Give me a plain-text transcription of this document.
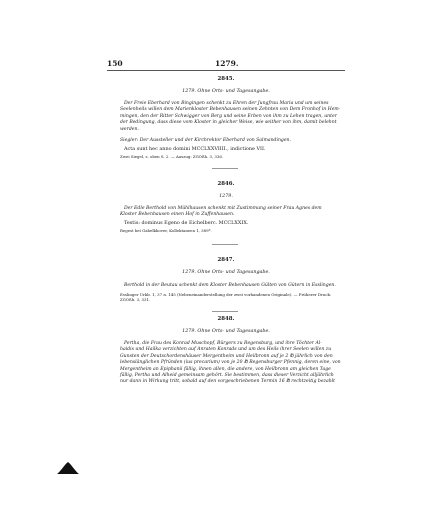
150	1279.
2845.
1279. Ohne Orts- und Tagesangabe.
Der Freie Eberhard von Bingingen schenkt zu Ehren der Jungfrau Maria und um seines
Seelenheils willen dem Marienkloster Bebenhausen seinen Zehnten von Dem Fronhof in Hem-
mingen, den der Ritter Schwigger von Berg und seine Erben von ihm zu Lehen tragen, unter
der Bedingung, dass diese vom Kloster in gleicher Weise, wie seither von ihm, damit belehnt
werden.
Siegler: Der Aussteller und der Kirchrektor Eberhard von Salmandingen.
Acta sunt hec anno domini MCCLXXVIIII., indictione VII.
Zwei Siegel, s. oben S. 2. — Auszug: ZGOßh. 3, 336.
2846.
1279.
Der Edle Berthold von Mühlhausen schenkt mit Zustimmung seiner Frau Agnes dem
Kloster Bebenhausen einen Hof in Zuffenhausen.
Testis: dominus Egeno de Eichelberc. MCCLXXIX.
Regest bei Gabelkhover, Kollektaneen 1, 389*.
2847.
1279. Ohne Orts- und Tagesangabe.
Berthold in der Beutau schenkt dem Kloster Bebenhausen Gülten von Gütern in Esslingen.
Esslinger Urkb. 1, 37 n. 145 (Nebeneinanderstellung der zwei vorhandenen Originale). — Früherer Druck:
ZGOßh. 3, 331.
2848.
1279. Ohne Orts- und Tagesangabe.
Pertha, die Frau des Konrad Muschopf, Bürgers zu Regensburg, und ihre Töchter Al-
haidis und Hailka verzichten auf Anraten Konrads und um des Heils ihrer Seelen willen zu
Gunsten der Deutschordenshäuser Mergentheim und Heilbronn auf je 2 ℔ jährlich von den
lebenslänglichen Pfründen (ius precarium) von je 20 ℔ Regensburger Pfennig, deren eine, von
Mergentheim an Epiphanii fällig, ihnen allen, die andere, von Heilbronn am gleichen Tage
fällig, Pertha und Alheid gemeinsam gehört. Sie bestimmen, dass dieser Verzicht alljährlich
nur dann in Wirkung tritt, sobald auf den vorgeschriebenen Termin 16 ℔ rechtzeitig bezahlt
